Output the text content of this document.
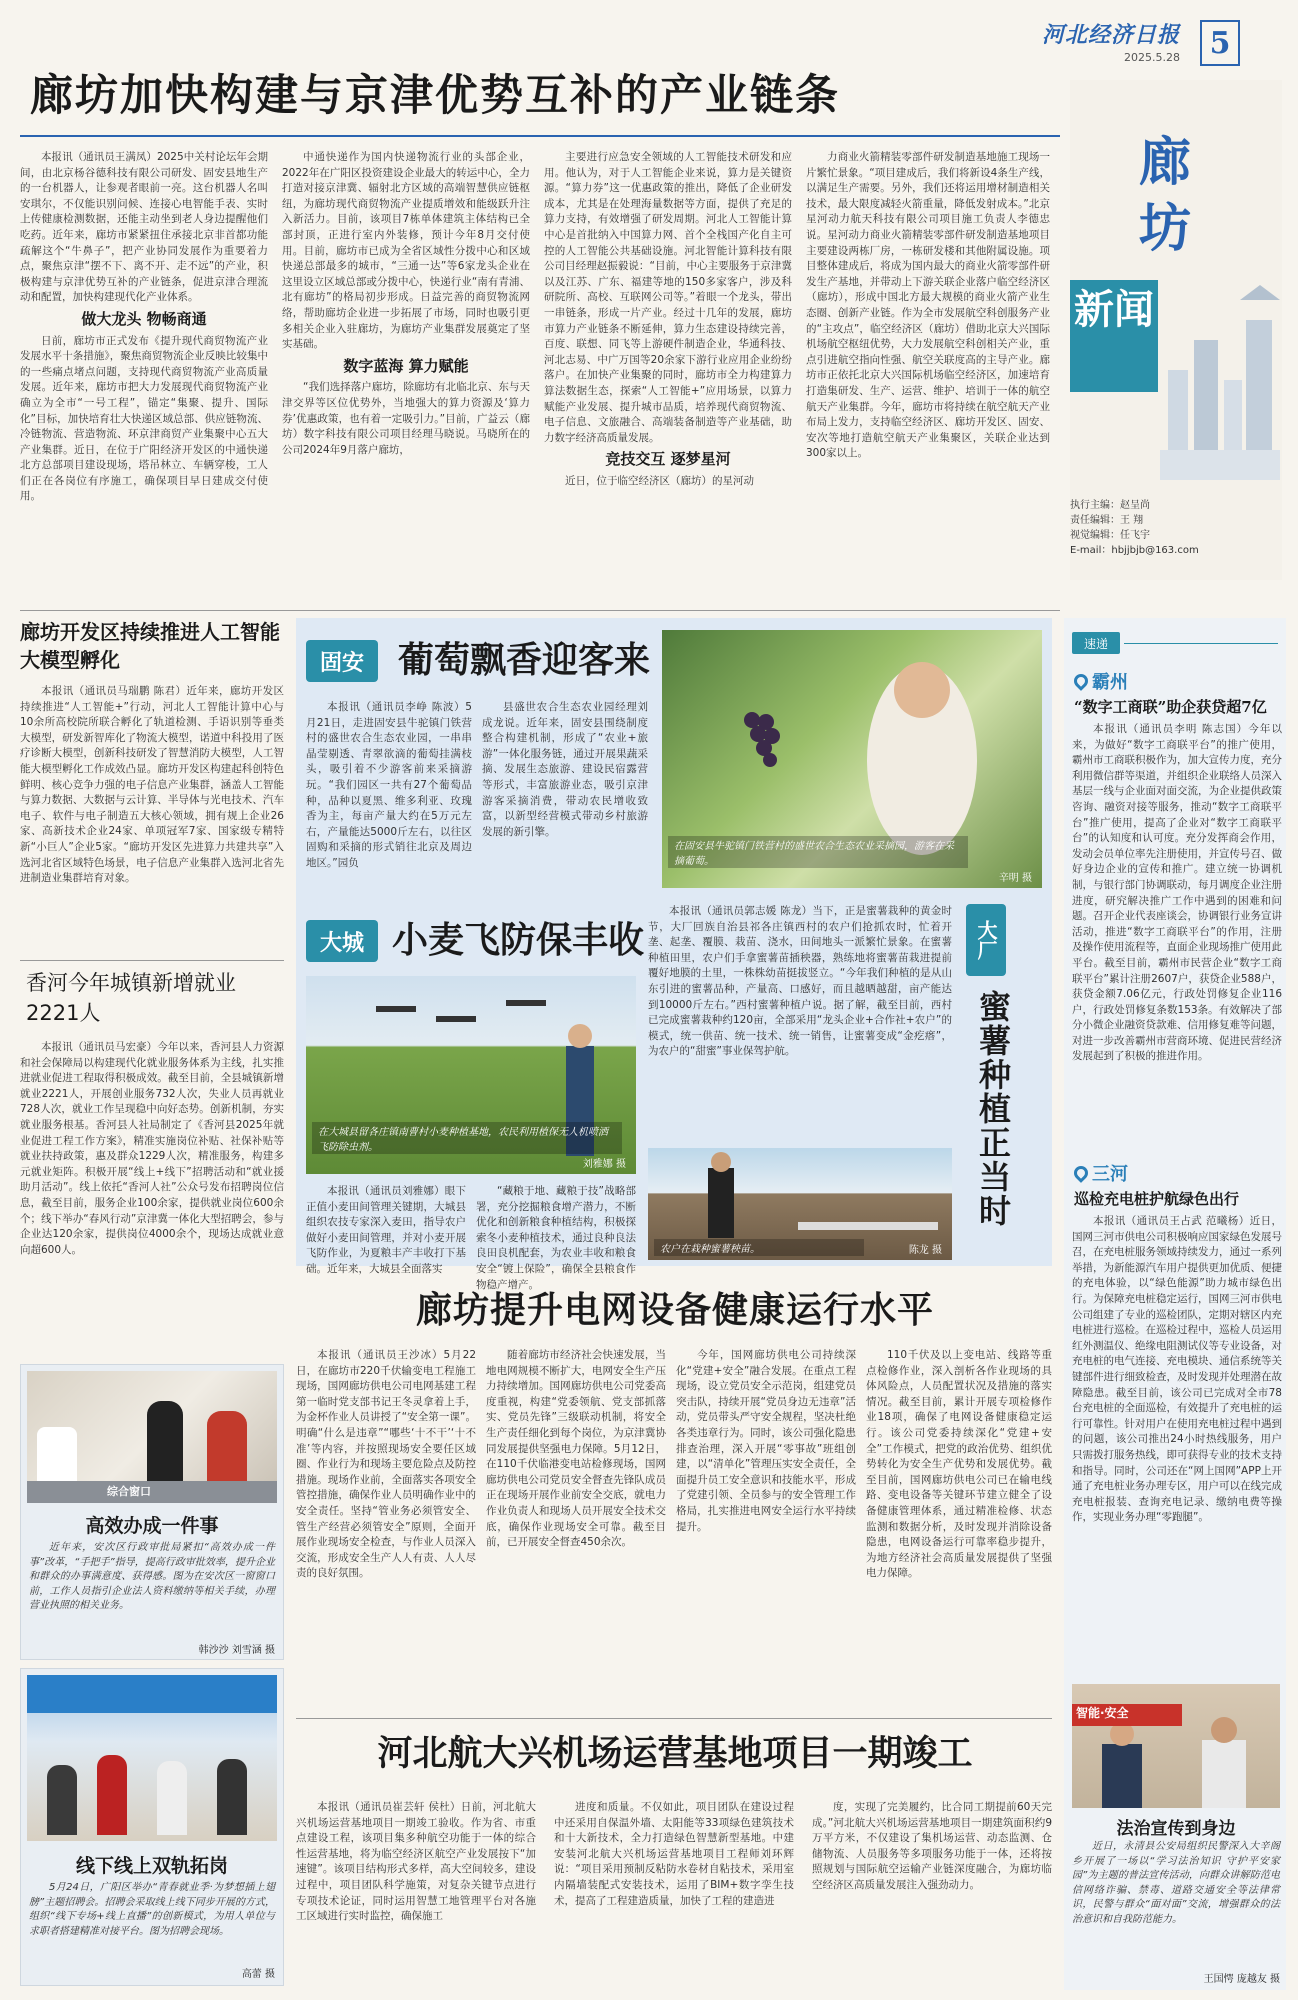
河北经济日报
2025.5.28 5
廊坊加快构建与京津优势互补的产业链条

本报讯（通讯员王满凤）2025中关村论坛年会期间，由北京杨谷德科技有限公司研发、固安县地生产的一台机器人，让参观者眼前一亮。这台机器人名叫安琪尔，不仅能识别问候、连接心电智能手表、实时上传健康检测数据，还能主动坐到老人身边提醒他们吃药。近年来，廊坊市紧紧扭住承接北京非首都功能疏解这个“牛鼻子”，把产业协同发展作为重要着力点，聚焦京津“摆不下、离不开、走不远”的产业，积极构建与京津优势互补的产业链条，促进京津合理流动和配置，加快构建现代化产业体系。

做大龙头 物畅商通

日前，廊坊市正式发布《提升现代商贸物流产业发展水平十条措施》，聚焦商贸物流企业反映比较集中的一些痛点堵点问题，支持现代商贸物流产业高质量发展。近年来，廊坊市把大力发展现代商贸物流产业确立为全市“一号工程”，锚定“集聚、提升、国际化”目标，加快培育壮大快递区域总部、供应链物流、冷链物流、营造物流、环京津商贸产业集聚中心五大产业集群。近日，在位于广阳经济开发区的中通快递北方总部项目建设现场，塔吊林立、车辆穿梭，工人们正在各岗位有序施工，确保项目早日建成交付使用。

中通快递作为国内快递物流行业的头部企业，2022年在广阳区投资建设企业最大的转运中心，全力打造对接京津冀、辐射北方区域的高端智慧供应链枢纽，为廊坊现代商贸物流产业提质增效和能级跃升注入新活力。目前，该项目7栋单体建筑主体结构已全部封顶，正进行室内外装修，预计今年8月交付使用。目前，廊坊市已成为全省区域性分拨中心和区域快递总部最多的城市，“三通一达”等6家龙头企业在这里设立区域总部或分拨中心，快递行业“南有青浦、北有廊坊”的格局初步形成。日益完善的商贸物流网络，帮助廊坊企业进一步拓展了市场，同时也吸引更多相关企业入驻廊坊，为廊坊产业集群发展奠定了坚实基础。

数字蓝海 算力赋能

“我们选择落户廊坊，除廊坊有北临北京、东与天津交界等区位优势外，当地强大的算力资源及‘算力券’优惠政策，也有着一定吸引力。”目前，广益云（廊坊）数字科技有限公司项目经理马晓说。马晓所在的公司2024年9月落户廊坊，

主要进行应急安全领域的人工智能技术研发和应用。他认为，对于人工智能企业来说，算力是关键资源。“算力券”这一优惠政策的推出，降低了企业研发成本，尤其是在处理海量数据等方面，提供了充足的算力支持，有效增强了研发周期。河北人工智能计算中心是首批纳入中国算力网、首个全栈国产化自主可控的人工智能公共基础设施。河北智能计算科技有限公司目经理赵振毅说：“目前，中心主要服务于京津冀以及江苏、广东、福建等地的150多家客户，涉及科研院所、高校、互联网公司等。”着眼一个龙头，带出一串链条，形成一片产业。经过十几年的发展，廊坊市算力产业链条不断延伸，算力生态建设持续完善，百度、联想、同飞等上游硬件制造企业，华通科技、河北志易、中广万国等20余家下游行业应用企业纷纷落户。在加快产业集聚的同时，廊坊市全力构建算力算法数据生态，探索“人工智能+”应用场景，以算力赋能产业发展、提升城市品质，培养现代商贸物流、电子信息、文旅融合、高端装备制造等产业基础，助力数字经济高质量发展。

竞技交互 逐梦星河

近日，位于临空经济区（廊坊）的星河动

力商业火箭精装零部件研发制造基地施工现场一片繁忙景象。“项目建成后，我们将新设4条生产线，以满足生产需要。另外，我们还将运用增材制造相关技术，最大限度减轻火箭重量，降低发射成本。”北京星河动力航天科技有限公司项目施工负责人李德忠说。星河动力商业火箭精装零部件研发制造基地项目主要建设两栋厂房，一栋研发楼和其他附属设施。项目整体建成后，将成为国内最大的商业火箭零部件研发生产基地，并带动上下游关联企业落户临空经济区（廊坊），形成中国北方最大规模的商业火箭产业生态圈、创新产业链。作为全市发展航空科创服务产业的“主攻点”，临空经济区（廊坊）借助北京大兴国际机场航空枢纽优势，大力发展航空科创相关产业，重点引进航空指向性强、航空关联度高的主导产业。廊坊市正依托北京大兴国际机场临空经济区，加速培育打造集研发、生产、运营、维护、培训于一体的航空航天产业集群。今年，廊坊市将持续在航空航天产业布局上发力，支持临空经济区、廊坊开发区、固安、安次等地打造航空航天产业集聚区，关联企业达到300家以上。

廊坊
新闻
执行主编：赵呈尚
责任编辑：王 翔
视觉编辑：任飞宇
E-mail：hbjjbjb@163.com
廊坊开发区持续推进人工智能大模型孵化

本报讯（通讯员马瑞鹏 陈君）近年来，廊坊开发区持续推进“人工智能+”行动，河北人工智能计算中心与10余所高校院所联合孵化了轨道检测、手语识别等垂类大模型，研发新智库化了物流大模型，诺道中科投用了医疗诊断大模型，创新科技研发了智慧消防大模型，人工智能大模型孵化工作成效凸显。廊坊开发区构建起科创特色鲜明、核心竞争力强的电子信息产业集群，涵盖人工智能与算力数据、大数据与云计算、半导体与光电技术、汽车电子、软件与电子制造五大核心领域，拥有规上企业26家、高新技术企业24家、单项冠军7家、国家级专精特新“小巨人”企业5家。“廊坊开发区先进算力共建共享”入选河北省区域特色场景，电子信息产业集群入选河北省先进制造业集群培育对象。

香河今年城镇新增就业2221人

本报讯（通讯员马宏豪）今年以来，香河县人力资源和社会保障局以构建现代化就业服务体系为主线，扎实推进就业促进工程取得积极成效。截至目前，全县城镇新增就业2221人，开展创业服务732人次，失业人员再就业728人次，就业工作呈现稳中向好态势。创新机制，夯实就业服务根基。香河县人社局制定了《香河县2025年就业促进工程工作方案》，精准实施岗位补贴、社保补贴等就业扶持政策，惠及群众1229人次，精准服务，构建多元就业矩阵。积极开展“线上+线下”招聘活动和“就业援助月活动”。线上依托“香河人社”公众号发布招聘岗位信息，截至目前，服务企业100余家，提供就业岗位600余个；线下举办“春风行动”京津冀一体化大型招聘会，参与企业达120余家，提供岗位4000余个，现场达成就业意向超600人。

综合窗口
高效办成一件事

近年来，安次区行政审批局紧扣“高效办成一件事”改革，“手把手”指导，提高行政审批效率，提升企业和群众的办事满意度、获得感。图为在安次区一窗窗口前，工作人员指引企业法人资料缴纳等相关手续，办理营业执照的相关业务。

韩沙沙 刘雪涵 摄
线下线上双轨拓岗

5月24日，广阳区举办“青春就业季·为梦想插上翅膀”主题招聘会。招聘会采取线上线下同步开展的方式，组织“线下专场+线上直播”的创新模式，为用人单位与求职者搭建精准对接平台。图为招聘会现场。

高蕾 摄
固安 葡萄飘香迎客来

本报讯（通讯员李峥 陈波）5月21日，走进固安县牛驼镇门铁营村的盛世农合生态农业园，一串串晶莹剔透、青翠欲滴的葡萄挂满枝头，吸引着不少游客前来采摘游玩。“我们园区一共有27个葡萄品种，品种以夏黑、维多利亚、玫瑰香为主，每亩产量大约在5万元左右，产量能达5000斤左右，以往区固购和采摘的形式销往北京及周边地区。”园负

县盛世农合生态农业园经理刘成龙说。近年来，固安县围绕制度整合构建机制，形成了“农业+旅游”一体化服务链，通过开展果蔬采摘、发展生态旅游、建设民宿露营等形式，丰富旅游业态，吸引京津游客采摘消费，带动农民增收致富，以新型经营模式带动乡村旅游发展的新引擎。

在固安县牛驼镇门铁营村的盛世农合生态农业采摘园，游客在采摘葡萄。
辛明 摄
大城 小麦飞防保丰收
在大城县留各庄镇南曹村小麦种植基地，农民利用植保无人机喷洒飞防除虫剂。
刘雅娜 摄

本报讯（通讯员刘雅娜）眼下正值小麦田间管理关键期，大城县组织农技专家深入麦田，指导农户做好小麦田间管理，并对小麦开展飞防作业，为夏粮丰产丰收打下基础。近年来，大城县全面落实

“藏粮于地、藏粮于技”战略部署，充分挖掘粮食增产潜力，不断优化和创新粮食种植结构，积极探索冬小麦种植技术，通过良种良法良田良机配套，为农业丰收和粮食安全“镀上保险”，确保全县粮食作物稳产增产。

本报讯（通讯员郭志媛 陈龙）当下，正是蜜薯栽种的黄金时节，大厂回族自治县祁各庄镇西村的农户们抢抓农时，忙着开垄、起垄、覆膜、栽苗、浇水，田间地头一派繁忙景象。在蜜薯种植田里，农户们手拿蜜薯苗插秧器，熟练地将蜜薯苗栽进提前覆好地膜的土里，一株株幼苗挺拔竖立。“今年我们种植的是从山东引进的蜜薯品种，产量高、口感好，而且越晒越甜，亩产能达到10000斤左右。”西村蜜薯种植户说。据了解，截至目前，西村已完成蜜薯栽种约120亩，全部采用“龙头企业+合作社+农户”的模式，统一供苗、统一技术、统一销售，让蜜薯变成“金疙瘩”，为农户的“甜蜜”事业保驾护航。

大厂
蜜薯种植正当时
农户在栽种蜜薯秧苗。	陈龙 摄
廊坊提升电网设备健康运行水平

本报讯（通讯员王沙冰）5月22日，在廊坊市220千伏输变电工程施工现场，国网廊坊供电公司电网基建工程第一临时党支部书记王冬灵拿着上手，为金杯作业人员讲授了“安全第一课”。明确“什么是违章”“哪些‘十不干’‘十不准’等内容，并按照现场安全要任区域圈、作业行为和现场主要危险点及防控措施。现场作业前，全面落实各项安全管控措施，确保作业人员明确作业中的安全责任。坚持“管业务必须管安全、管生产经营必须管安全”原则，全面开展作业现场安全检查，与作业人员深入交流，形成安全生产人人有责、人人尽责的良好氛围。

随着廊坊市经济社会快速发展，当地电网规模不断扩大，电网安全生产压力持续增加。国网廊坊供电公司党委高度重视，构建“党委领航、党支部抓落实、党员先锋”三级联动机制，将安全生产责任细化到每个岗位，为京津冀协同发展提供坚强电力保障。5月12日，在110千伏临港变电站检修现场，国网廊坊供电公司党员安全督查先锋队成员正在现场开展作业前安全交底，就电力作业负责人和现场人员开展安全技术交底，确保作业现场安全可靠。截至目前，已开展安全督查450余次。

今年，国网廊坊供电公司持续深化“党建+安全”融合发展。在重点工程现场，设立党员安全示范岗，组建党员突击队，持续开展“党员身边无违章”活动，党员带头严守安全规程，坚决杜绝各类违章行为。同时，该公司强化隐患排查治理，深入开展“零事故”班组创建，以“清单化”管理压实安全责任，全面提升员工安全意识和技能水平，形成了党建引领、全员参与的安全管理工作格局，扎实推进电网安全运行水平持续提升。

110千伏及以上变电站、线路等重点检修作业，深入剖析各作业现场的具体风险点，人员配置状况及措施的落实情况。截至目前，累计开展专项检修作业18项，确保了电网设备健康稳定运行。该公司党委持续深化“党建+安全”工作模式，把党的政治优势、组织优势转化为安全生产优势和发展优势。截至目前，国网廊坊供电公司已在输电线路、变电设备等关键环节建立健全了设备健康管理体系，通过精准检修、状态监测和数据分析，及时发现并消除设备隐患，电网设备运行可靠率稳步提升，为地方经济社会高质量发展提供了坚强电力保障。

河北航大兴机场运营基地项目一期竣工

本报讯（通讯员崔芸轩 侯杜）日前，河北航大兴机场运营基地项目一期竣工验收。作为省、市重点建设工程，该项目集多种航空功能于一体的综合性运营基地，将为临空经济区航空产业发展按下“加速键”。该项目结构形式多样，高大空间较多，建设过程中，项目团队科学施策，对复杂关键节点进行专项技术论证，同时运用智慧工地管理平台对各施工区域进行实时监控，确保施工

进度和质量。不仅如此，项目团队在建设过程中还采用自保温外墙、太阳能等33项绿色建筑技术和十大新技术，全力打造绿色智慧新型基地。中建安装河北航大兴机场运营基地项目工程师刘环辉说：“项目采用预制反粘防水卷材自粘技术，采用室内隔墙装配式安装技术，运用了BIM+数字孪生技术，提高了工程建造质量，加快了工程的建造进

度，实现了完美履约，比合同工期提前60天完成。”河北航大兴机场运营基地项目一期建筑面积约9万平方米，不仅建设了集机场运营、动态监测、仓储物流、人员服务等多项服务功能于一体，还将按照规划与国际航空运输产业链深度融合，为廊坊临空经济区高质量发展注入强劲动力。

速递
霸州
“数字工商联”助企获贷超7亿

本报讯（通讯员李明 陈志国）今年以来，为做好“数字工商联平台”的推广使用，霸州市工商联积极作为，加大宣传力度，充分利用微信群等渠道，并组织企业联络人员深入基层一线与企业面对面交流，为企业提供政策咨询、融资对接等服务，推动“数字工商联平台”推广使用，提高了企业对“数字工商联平台”的认知度和认可度。充分发挥商会作用，发动会员单位率先注册使用，并宣传号召、做好身边企业的宣传和推广。建立统一协调机制，与银行部门协调联动，每月调度企业注册进度，研究解决推广工作中遇到的困难和问题。召开企业代表座谈会，协调银行业务宣讲活动，推进“数字工商联平台”的作用，注册及操作使用流程等，直面企业现场推广使用此平台。截至目前，霸州市民营企业“数字工商联平台”累计注册2607户，获贷企业588户，获贷金额7.06亿元，行政处罚修复企业116户，行政处罚修复条数153条。有效解决了部分小微企业融资贷款难、信用修复难等问题，对进一步改善霸州市营商环境、促进民营经济发展起到了积极的推进作用。

三河
巡检充电桩护航绿色出行

本报讯（通讯员王占武 范曦杨）近日，国网三河市供电公司积极响应国家绿色发展号召，在充电桩服务领域持续发力，通过一系列举措，为新能源汽车用户提供更加优质、便捷的充电体验，以“绿色能源”助力城市绿色出行。为保障充电桩稳定运行，国网三河市供电公司组建了专业的巡检团队，定期对辖区内充电桩进行巡检。在巡检过程中，巡检人员运用红外测温仪、绝缘电阻测试仪等专业设备，对充电桩的电气连接、充电模块、通信系统等关键部件进行细致检查，及时发现并处理潜在故障隐患。截至目前，该公司已完成对全市78台充电桩的全面巡检，有效提升了充电桩的运行可靠性。针对用户在使用充电桩过程中遇到的问题，该公司推出24小时热线服务，用户只需拨打服务热线，即可获得专业的技术支持和指导。同时，公司还在“网上国网”APP上开通了充电桩业务办理专区，用户可以在线完成充电桩报装、查询充电记录、缴纳电费等操作，实现业务办理“零跑腿”。

智能·安全
法治宣传到身边

近日，永清县公安局组织民警深入大辛阁乡开展了一场以“学习法治知识 守护平安家园”为主题的普法宣传活动，向群众讲解防范电信网络诈骗、禁毒、道路交通安全等法律常识，民警与群众“面对面”交流，增强群众的法治意识和自我防范能力。

王国愕 庞越友 摄
